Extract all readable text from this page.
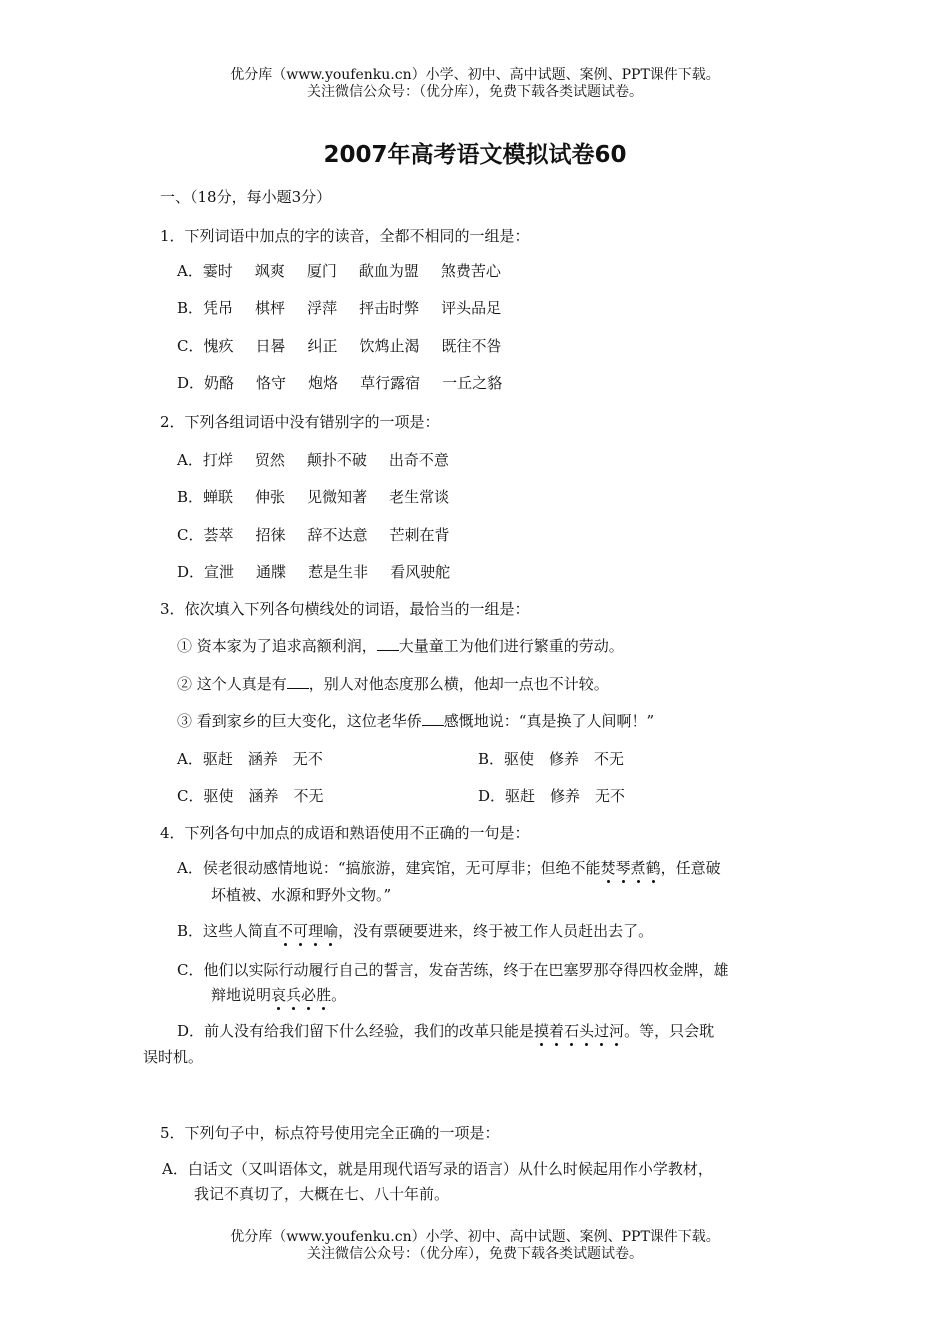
优分库（www.youfenku.cn）小学、初中、高中试题、案例、PPT课件下载。
关注微信公众号：（优分库），免费下载各类试题试卷。
2007年高考语文模拟试卷60
一、（18分，每小题3分）
1．下列词语中加点的字的读音，全都不相同的一组是：
A．霎时 飒爽 厦门 歃血为盟 煞费苦心
B．凭吊 棋枰 浮萍 抨击时弊 评头品足
C．愧疚 日晷 纠正 饮鸩止渴 既往不咎
D．奶酪 恪守 炮烙 草行露宿 一丘之貉
2．下列各组词语中没有错别字的一项是：
A．打烊 贸然 颠扑不破 出奇不意
B．蝉联 伸张 见微知著 老生常谈
C．荟萃 招徕 辞不达意 芒刺在背
D．宣泄 通牒 惹是生非 看风驶舵
3．依次填入下列各句横线处的词语，最恰当的一组是：
① 资本家为了追求高额利润， 大量童工为他们进行繁重的劳动。
② 这个人真是有 ，别人对他态度那么横，他却一点也不计较。
③ 看到家乡的巨大变化，这位老华侨 感慨地说：“真是换了人间啊！”
A．驱赶　涵养　无不	B．驱使　修养　不无
C．驱使　涵养　不无	D．驱赶　修养　无不
4．下列各句中加点的成语和熟语使用不正确的一句是：
A．侯老很动感情地说：“搞旅游，建宾馆，无可厚非；但绝不能焚琴煮鹤，任意破
坏植被、水源和野外文物。”
B．这些人简直不可理喻，没有票硬要进来，终于被工作人员赶出去了。
C．他们以实际行动履行自己的誓言，发奋苦练，终于在巴塞罗那夺得四枚金牌，雄
辩地说明哀兵必胜。
D．前人没有给我们留下什么经验，我们的改革只能是摸着石头过河。等，只会耽
误时机。
5．下列句子中，标点符号使用完全正确的一项是：
A．白话文（又叫语体文，就是用现代语写录的语言）从什么时候起用作小学教材，
我记不真切了，大概在七、八十年前。
优分库（www.youfenku.cn）小学、初中、高中试题、案例、PPT课件下载。
关注微信公众号：（优分库），免费下载各类试题试卷。
